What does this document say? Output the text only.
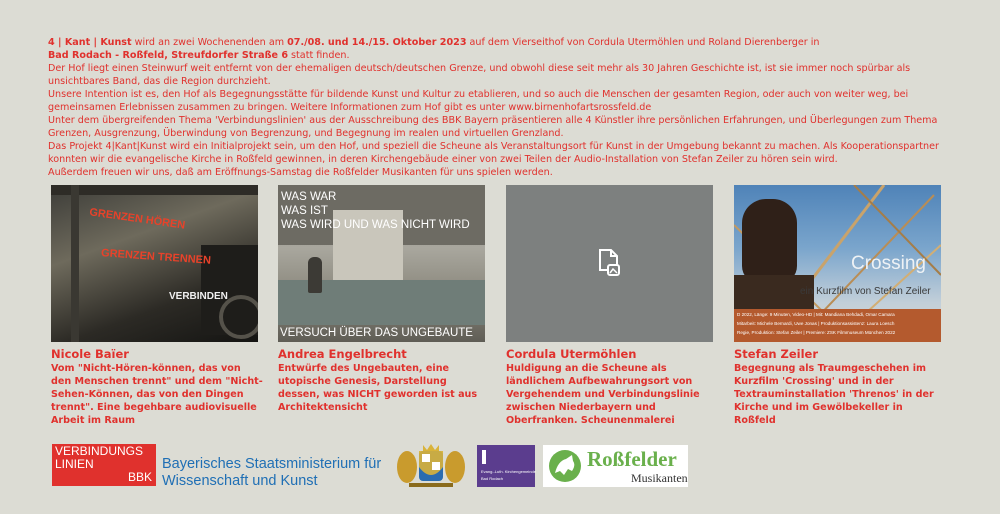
4 | Kant | Kunst wird an zwei Wochenenden am 07./08. und 14./15. Oktober 2023 auf dem Vierseithof von Cordula Utermöhlen und Roland Dierenberger in

Bad Rodach - Roßfeld, Streufdorfer Straße 6 statt finden.

Der Hof liegt einen Steinwurf weit entfernt von der ehemaligen deutsch/deutschen Grenze, und obwohl diese seit mehr als 30 Jahren Geschichte ist, ist sie immer noch spürbar als unsichtbares Band, das die Region durchzieht.

Unsere Intention ist es, den Hof als Begegnungsstätte für bildende Kunst und Kultur zu etablieren, und so auch die Menschen der gesamten Region, oder auch von weiter weg, bei gemeinsamen Erlebnissen zusammen zu bringen. Weitere Informationen zum Hof gibt es unter www.birnenhofartsrossfeld.de

Unter dem übergreifenden Thema 'Verbindungslinien' aus der Ausschreibung des BBK Bayern präsentieren alle 4 Künstler ihre persönlichen Erfahrungen, und Überlegungen zum Thema Grenzen, Ausgrenzung, Überwindung von Begrenzung, und Begegnung im realen und virtuellen Grenzland.

Das Projekt 4|Kant|Kunst wird ein Initialprojekt sein, um den Hof, und speziell die Scheune als Veranstaltungsort für Kunst in der Umgebung bekannt zu machen. Als Kooperationspartner konnten wir die evangelische Kirche in Roßfeld gewinnen, in deren Kirchengebäude einer von zwei Teilen der Audio-Installation von Stefan Zeiler zu hören sein wird.

Außerdem freuen wir uns, daß am Eröffnungs-Samstag die Roßfelder Musikanten für uns spielen werden.

GRENZEN HÖREN
GRENZEN TRENNEN
VERBINDEN
Nicole Baïer
Vom "Nicht-Hören-können, das von den Menschen trennt" und dem "Nicht-Sehen-Können, das von den Dingen trennt". Eine begehbare audiovisuelle Arbeit im Raum
WAS WAR
WAS IST
WAS WIRD UND WAS NICHT WIRD
VERSUCH ÜBER DAS UNGEBAUTE
Andrea Engelbrecht
Entwürfe des Ungebauten, eine utopische Genesis, Darstellung dessen, was NICHT geworden ist aus Architektensicht
Cordula Utermöhlen
Huldigung an die Scheune als ländlichem Aufbewahrungsort von Vergehendem und Verbindungslinie zwischen Niederbayern und Oberfranken. Scheunenmalerei
Crossing
ein Kurzfilm von Stefan Zeiler
D 2022, Länge: 9 Minuten, Video-HD | Mit: Mandiana Behdadi, Omar Camara
Mitarbeit: Michele Bernardi, Uwe Jonas | Produktionsassistenz: Laura Loesch
Regie, Produktion: Stefan Zeiler | Premiere: ZSK Filmmuseum München 2022
Stefan Zeiler
Begegnung als Traumgeschehen im Kurzfilm 'Crossing' und in der Textrauminstallation 'Threnos' in der Kirche und im Gewölbekeller in Roßfeld
VERBINDUNGS
LINIEN
BBK
Bayerisches Staatsministerium für
Wissenschaft und Kunst
Evang.-Luth. Kirchengemeinde
Bad Rodach
Roßfelder
Musikanten
